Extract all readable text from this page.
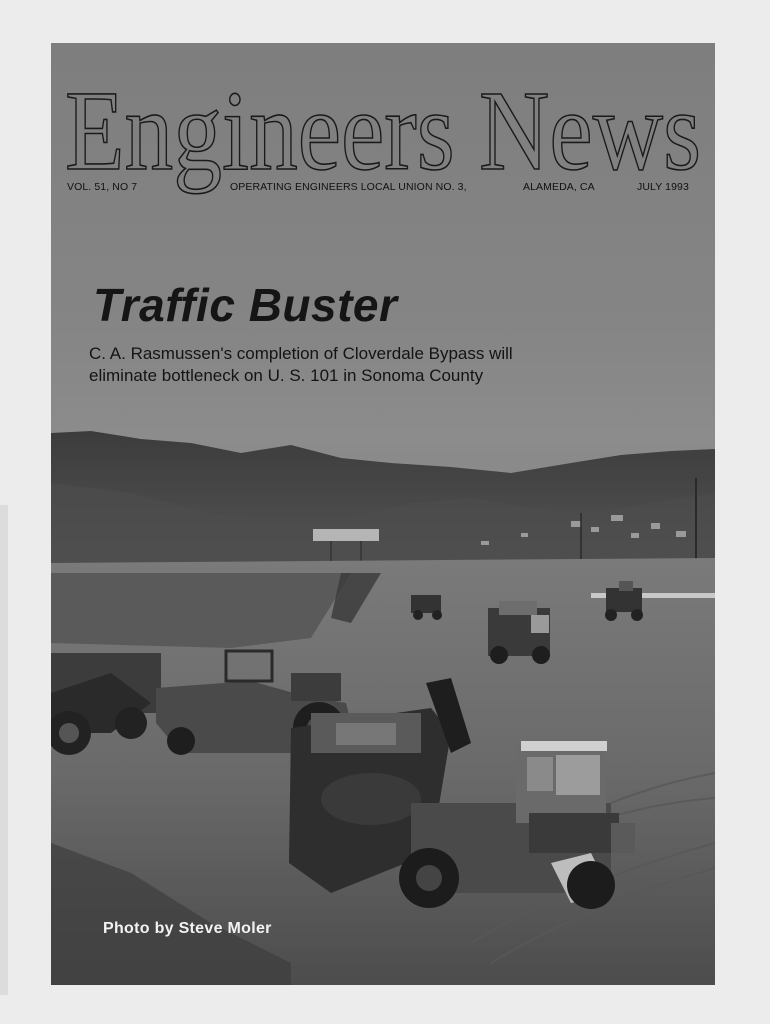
Engineers News
VOL. 51, NO 7	OPERATING ENGINEERS LOCAL UNION NO. 3,	ALAMEDA, CA	JULY 1993
Traffic Buster
C. A. Rasmussen's completion of Cloverdale Bypass will
eliminate bottleneck on U. S. 101 in Sonoma County
Photo by Steve Moler
